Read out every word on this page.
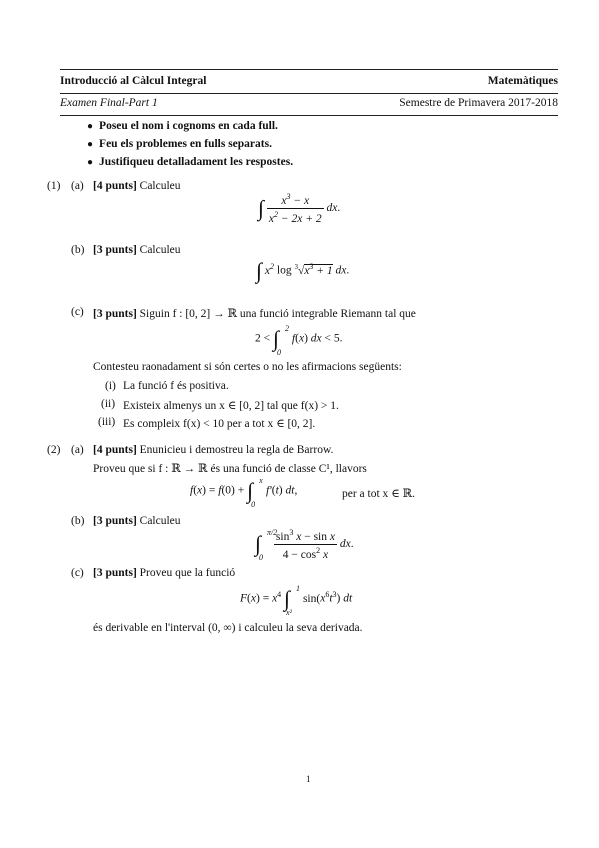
Introducció al Càlcul Integral	Matemàtiques
Examen Final-Part 1	Semestre de Primavera 2017-2018
● Poseu el nom i cognoms en cada full.
● Feu els problemes en fulls separats.
● Justifiqueu detalladament les respostes.
(1) (a) [4 punts] Calculeu
∫ $\frac{x^3 - x}{x^2 - 2x + 2}$ dx.
(b) [3 punts] Calculeu
∫ $x^2$ $\log ^3√x^3 + 1$ dx.
(c) [3 punts] Siguin f : [0, 2] → ℝ una funció integrable Riemann tal que
2 < ∫ 2
0
f(x) dx < 5.
Contesteu raonadament si són certes o no les afirmacions següents:
(i) La funció f és positiva.
(ii) Existeix almenys un x ∈ [0, 2] tal que f(x) > 1.
(iii) Es compleix f(x) < 10 per a tot x ∈ [0, 2].
(2) (a) [4 punts] Enunicieu i demostreu la regla de Barrow.
Proveu que si f : ℝ → ℝ és una funció de classe C¹, llavors
f(x) = f(0) + ∫ x
0
f′(t) dt,	per a tot x ∈ ℝ.
(b) [3 punts] Calculeu
∫ π/2
0
$\frac{\sin^3 x - \sin x}{4 - \cos^2 x}$ dx.
(c) [3 punts] Proveu que la funció
$F(x) = x^4$ ∫ 1
x²
$\sin(x^6t^3)$ dt
és derivable en l'interval (0, ∞) i calculeu la seva derivada.
1
